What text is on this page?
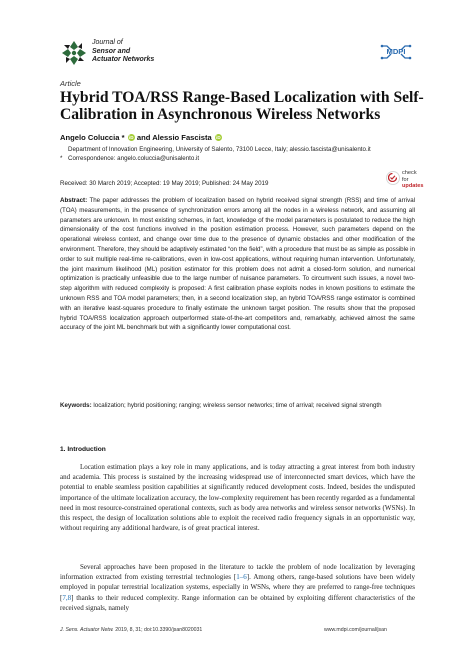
Journal of
Sensor and
Actuator Networks
MDPI
Article
Hybrid TOA/RSS Range-Based Localization with Self-Calibration in Asynchronous Wireless Networks
Angelo Coluccia * iD and Alessio Fascista iD
Department of Innovation Engineering, University of Salento, 73100 Lecce, Italy; alessio.fascista@unisalento.it
* Correspondence: angelo.coluccia@unisalento.it
check for
updates
Received: 30 March 2019; Accepted: 19 May 2019; Published: 24 May 2019

Abstract: The paper addresses the problem of localization based on hybrid received signal strength (RSS) and time of arrival (TOA) measurements, in the presence of synchronization errors among all the nodes in a wireless network, and assuming all parameters are unknown. In most existing schemes, in fact, knowledge of the model parameters is postulated to reduce the high dimensionality of the cost functions involved in the position estimation process. However, such parameters depend on the operational wireless context, and change over time due to the presence of dynamic obstacles and other modification of the environment. Therefore, they should be adaptively estimated “on the field”, with a procedure that must be as simple as possible in order to suit multiple real-time re-calibrations, even in low-cost applications, without requiring human intervention. Unfortunately, the joint maximum likelihood (ML) position estimator for this problem does not admit a closed-form solution, and numerical optimization is practically unfeasible due to the large number of nuisance parameters. To circumvent such issues, a novel two-step algorithm with reduced complexity is proposed: A first calibration phase exploits nodes in known positions to estimate the unknown RSS and TOA model parameters; then, in a second localization step, an hybrid TOA/RSS range estimator is combined with an iterative least-squares procedure to finally estimate the unknown target position. The results show that the proposed hybrid TOA/RSS localization approach outperformed state-of-the-art competitors and, remarkably, achieved almost the same accuracy of the joint ML benchmark but with a significantly lower computational cost.

Keywords: localization; hybrid positioning; ranging; wireless sensor networks; time of arrival; received signal strength

1. Introduction

Location estimation plays a key role in many applications, and is today attracting a great interest from both industry and academia. This process is sustained by the increasing widespread use of interconnected smart devices, which have the potential to enable seamless position capabilities at significantly reduced development costs. Indeed, besides the undisputed importance of the ultimate localization accuracy, the low-complexity requirement has been recently regarded as a fundamental need in most resource-constrained operational contexts, such as body area networks and wireless sensor networks (WSNs). In this respect, the design of localization solutions able to exploit the received radio frequency signals in an opportunistic way, without requiring any additional hardware, is of great practical interest.

Several approaches have been proposed in the literature to tackle the problem of node localization by leveraging information extracted from existing terrestrial technologies [1–6]. Among others, range-based solutions have been widely employed in popular terrestrial localization systems, especially in WSNs, where they are preferred to range-free techniques [7,8] thanks to their reduced complexity. Range information can be obtained by exploiting different characteristics of the received signals, namely

J. Sens. Actuator Netw. 2019, 8, 31; doi:10.3390/jsan8020031	www.mdpi.com/journal/jsan
